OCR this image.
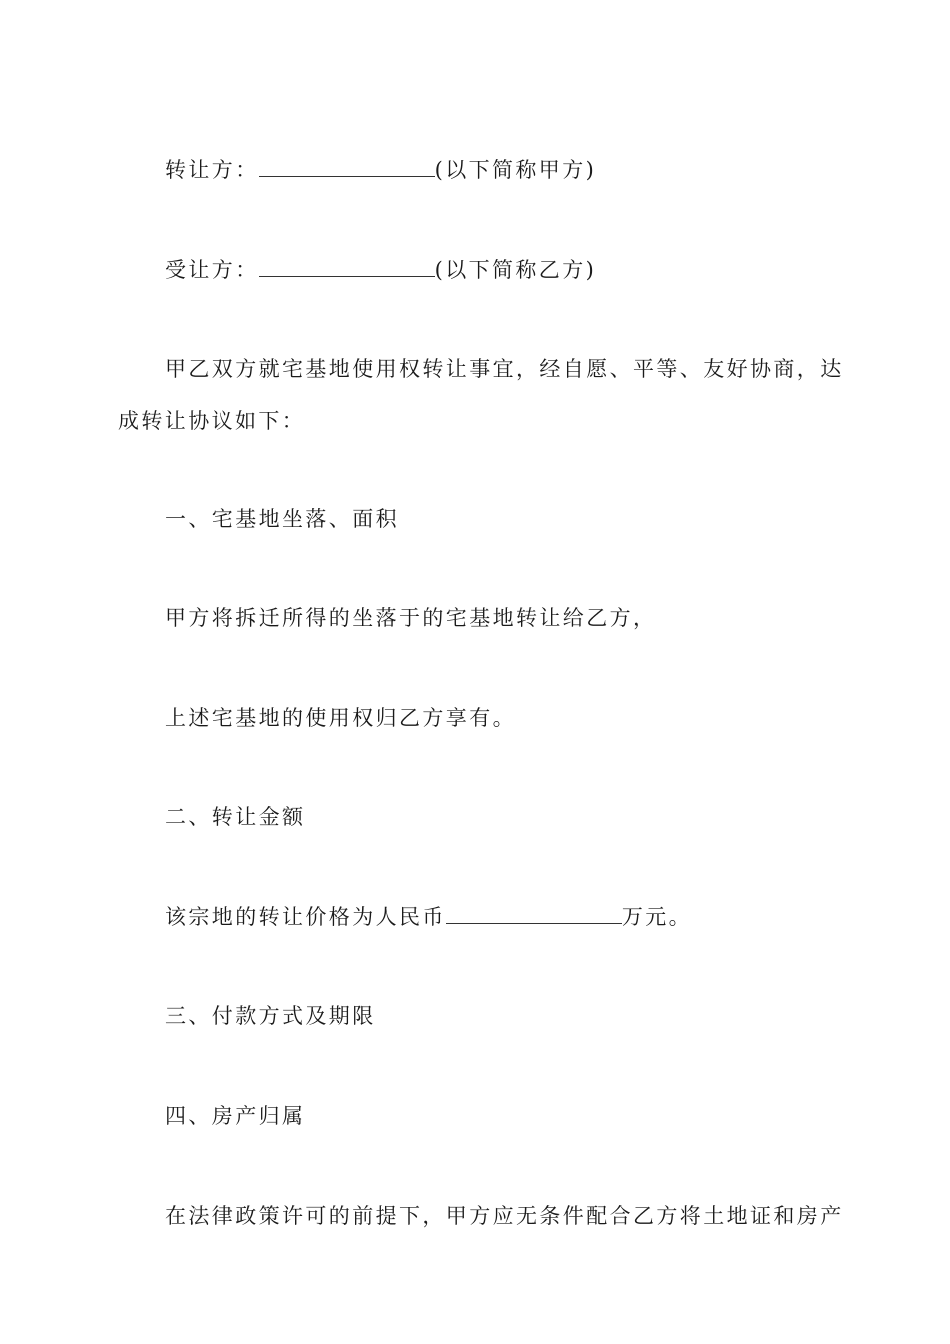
转让方：	(以下简称甲方)
受让方：	(以下简称乙方)
甲乙双方就宅基地使用权转让事宜，经自愿、平等、友好协商，达
成转让协议如下：
一、宅基地坐落、面积
甲方将拆迁所得的坐落于的宅基地转让给乙方，
上述宅基地的使用权归乙方享有。
二、转让金额
该宗地的转让价格为人民币	万元。
三、付款方式及期限
四、房产归属
在法律政策许可的前提下，甲方应无条件配合乙方将土地证和房产
